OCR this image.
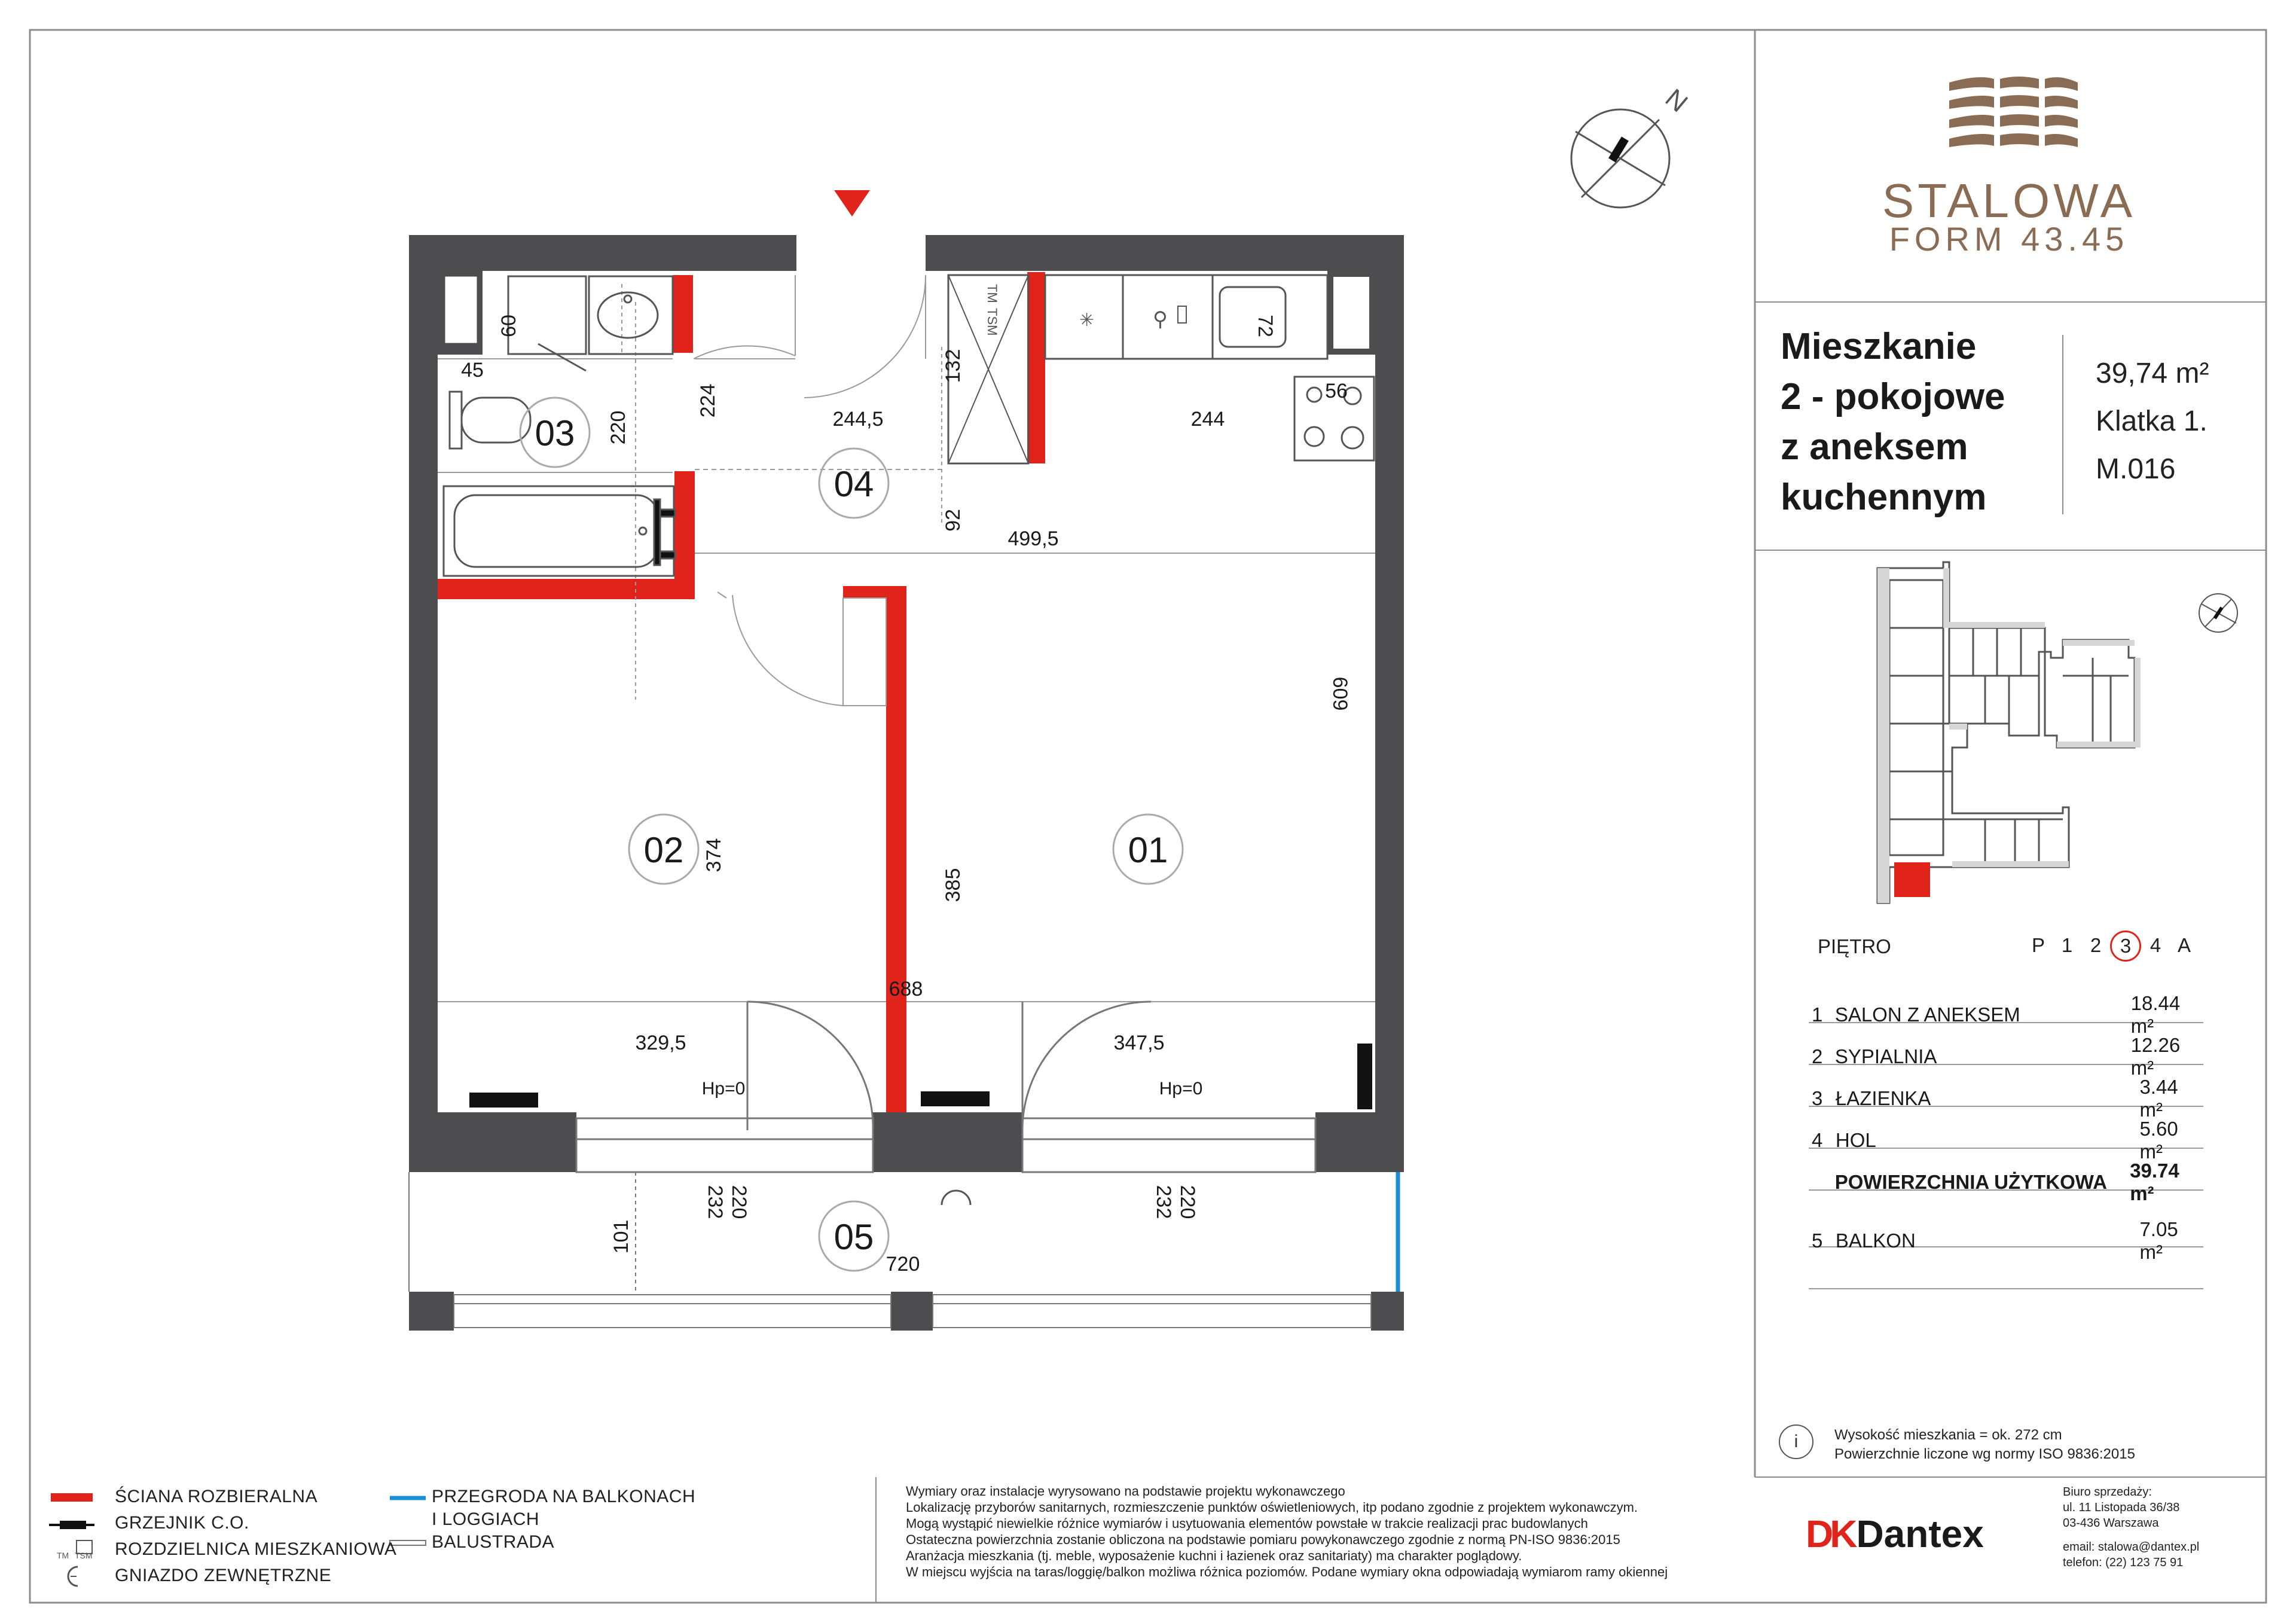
N
✳	⚲
TM
TSM
01
02
03
04
05
60
45
220
224
244,5
132
72
56
244
92
499,5
609
374
385
688
329,5	347,5
Hp=0	Hp=0
232 220	232 220
101
720
TM TSM
ŚCIANA ROZBIERALNA
GRZEJNIK C.O.
ROZDZIELNICA MIESZKANIOWA
GNIAZDO ZEWNĘTRZNE
PRZEGRODA NA BALKONACH
I LOGGIACH
BALUSTRADA
Wymiary oraz instalacje wyrysowano na podstawie projektu wykonawczego
Lokalizację przyborów sanitarnych, rozmieszczenie punktów oświetleniowych, itp podano zgodnie z projektem wykonawczym.
Mogą wystąpić niewielkie różnice wymiarów i usytuowania elementów powstałe w trakcie realizacji prac budowlanych
Ostateczna powierzchnia zostanie obliczona na podstawie pomiaru powykonawczego zgodnie z normą PN-ISO 9836:2015
Aranżacja mieszkania (tj. meble, wyposażenie kuchni i łazienek oraz sanitariaty) ma charakter poglądowy.
W miejscu wyjścia na taras/loggię/balkon możliwa różnica poziomów. Podane wymiary okna odpowiadają wymiarom ramy okiennej
STALOWA
FORM 43.45
Mieszkanie
2 - pokojowe
z aneksem
kuchennym
39,74 m²
Klatka 1.
M.016
PIĘTRO	P 1 2 3 4 A
1 SALON Z ANEKSEM
18.44 m²
2 SYPIALNIA
12.26 m²
3 ŁAZIENKA
3.44 m²
4 HOL
5.60 m²
POWIERZCHNIA UŻYTKOWA
39.74 m²
5 BALKON
7.05 m²
i	Wysokość mieszkania = ok. 272 cm
Powierzchnie liczone wg normy ISO 9836:2015
DK Dantex
Biuro sprzedaży:
ul. 11 Listopada 36/38
03-436 Warszawa
email: stalowa@dantex.pl
telefon: (22) 123 75 91
